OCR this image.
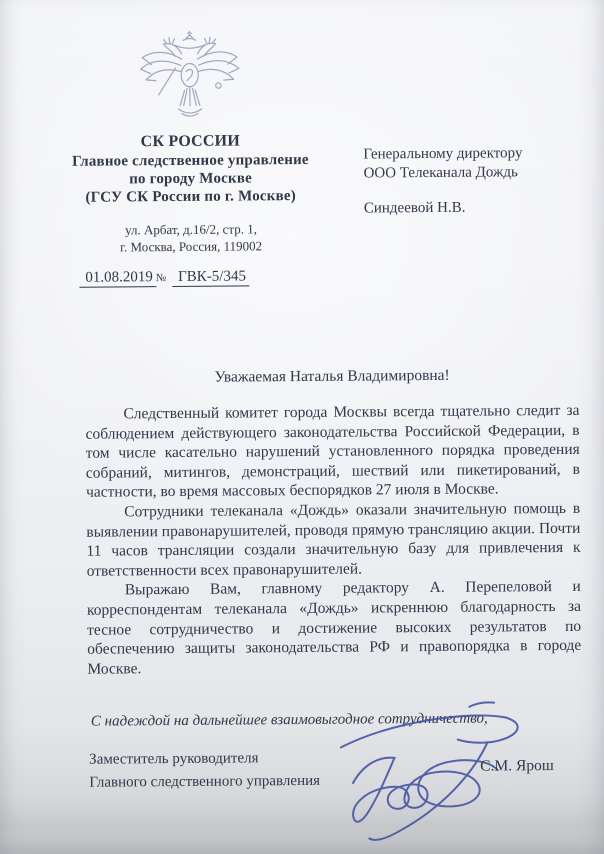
СК РОССИИ
Главное следственное управление
по городу Москве
(ГСУ СК России по г. Москве)
ул. Арбат, д.16/2, стр. 1,
г. Москва, Россия, 119002
01.08.2019 № ГВК-5/345
Генеральному директору
ООО Телеканала Дождь
Синдеевой Н.В.
Уважаемая Наталья Владимировна!

Следственный комитет города Москвы всегда тщательно следит за соблюдением действующего законодательства Российской Федерации, в том числе касательно нарушений установленного порядка проведения собраний, митингов, демонстраций, шествий или пикетирований, в частности, во время массовых беспорядков 27 июля в Москве.

Сотрудники телеканала «Дождь» оказали значительную помощь в выявлении правонарушителей, проводя прямую трансляцию акции. Почти 11 часов трансляции создали значительную базу для привлечения к ответственности всех правонарушителей.

Выражаю Вам, главному редактору А. Перепеловой и корреспондентам телеканала «Дождь» искреннюю благодарность за тесное сотрудничество и достижение высоких результатов по обеспечению защиты законодательства РФ и правопорядка в городе Москве.

С надеждой на дальнейшее взаимовыгодное сотрудничество,
Заместитель руководителя
Главного следственного управления
С.М. Ярош
